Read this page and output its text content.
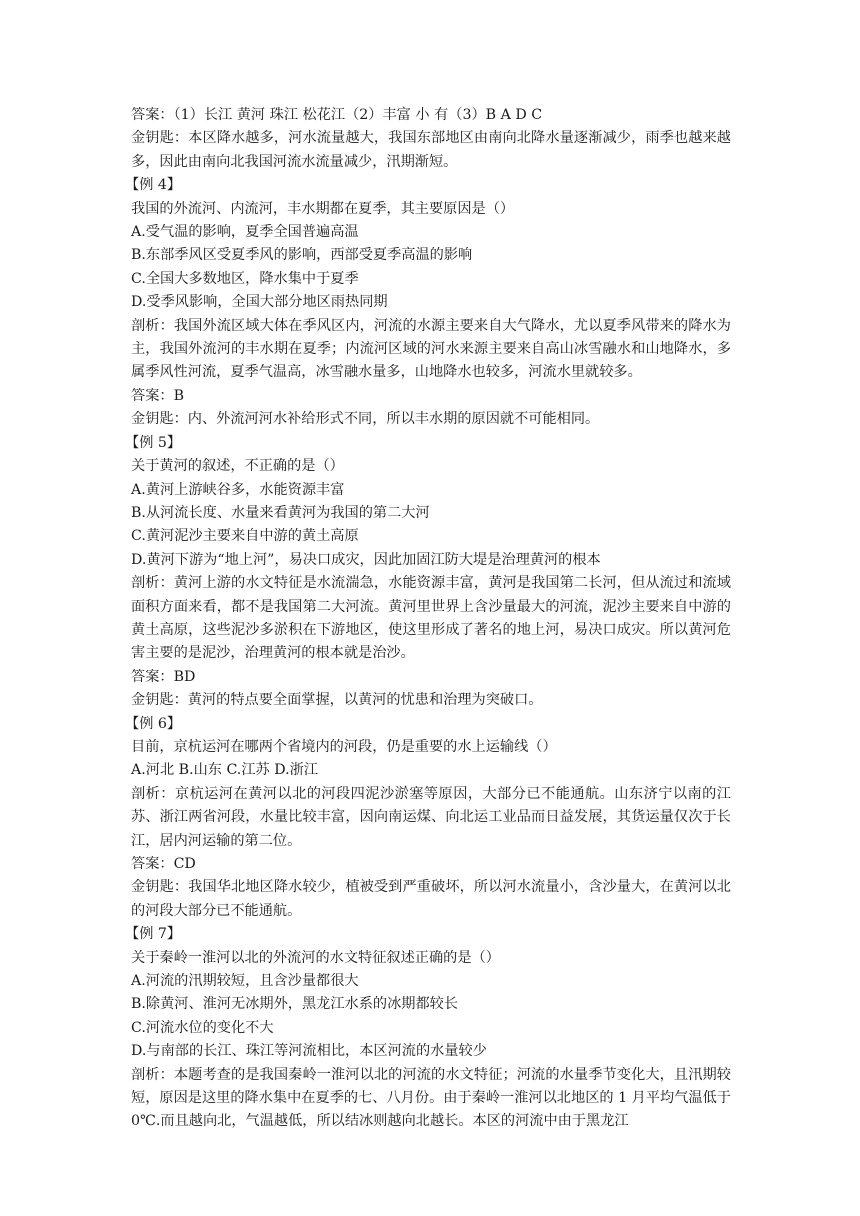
答案：（1）长江 黄河 珠江 松花江（2）丰富 小 有（3）B A D C
金钥匙：本区降水越多，河水流量越大，我国东部地区由南向北降水量逐渐减少，雨季也越来越多，因此由南向北我国河流水流量减少，汛期渐短。
【例 4】
我国的外流河、内流河，丰水期都在夏季，其主要原因是（）
A.受气温的影响，夏季全国普遍高温
B.东部季风区受夏季风的影响，西部受夏季高温的影响
C.全国大多数地区，降水集中于夏季
D.受季风影响，全国大部分地区雨热同期
剖析：我国外流区域大体在季风区内，河流的水源主要来自大气降水，尤以夏季风带来的降水为主，我国外流河的丰水期在夏季；内流河区域的河水来源主要来自高山冰雪融水和山地降水，多属季风性河流，夏季气温高，冰雪融水量多，山地降水也较多，河流水里就较多。
答案：B
金钥匙：内、外流河河水补给形式不同，所以丰水期的原因就不可能相同。
【例 5】
关于黄河的叙述，不正确的是（）
A.黄河上游峡谷多，水能资源丰富
B.从河流长度、水量来看黄河为我国的第二大河
C.黄河泥沙主要来自中游的黄土高原
D.黄河下游为“地上河”，易决口成灾，因此加固江防大堤是治理黄河的根本
剖析：黄河上游的水文特征是水流湍急，水能资源丰富，黄河是我国第二长河，但从流过和流域面积方面来看，都不是我国第二大河流。黄河里世界上含沙量最大的河流，泥沙主要来自中游的黄土高原，这些泥沙多淤积在下游地区，使这里形成了著名的地上河，易决口成灾。所以黄河危害主要的是泥沙，治理黄河的根本就是治沙。
答案：BD
金钥匙：黄河的特点要全面掌握，以黄河的忧患和治理为突破口。
【例 6】
目前，京杭运河在哪两个省境内的河段，仍是重要的水上运输线（）
A.河北 B.山东 C.江苏 D.浙江
剖析：京杭运河在黄河以北的河段四泥沙淤塞等原因，大部分已不能通航。山东济宁以南的江苏、浙江两省河段，水量比较丰富，因向南运煤、向北运工业品而日益发展，其货运量仅次于长江，居内河运输的第二位。
答案：CD
金钥匙：我国华北地区降水较少，植被受到严重破坏，所以河水流量小，含沙量大，在黄河以北的河段大部分已不能通航。
【例 7】
关于秦岭一淮河以北的外流河的水文特征叙述正确的是（）
A.河流的汛期较短，且含沙量都很大
B.除黄河、淮河无冰期外，黑龙江水系的冰期都较长
C.河流水位的变化不大
D.与南部的长江、珠江等河流相比，本区河流的水量较少
剖析：本题考查的是我国秦岭一淮河以北的河流的水文特征；河流的水量季节变化大，且汛期较短，原因是这里的降水集中在夏季的七、八月份。由于秦岭一淮河以北地区的 1 月平均气温低于 0℃.而且越向北，气温越低，所以结冰则越向北越长。本区的河流中由于黑龙江
